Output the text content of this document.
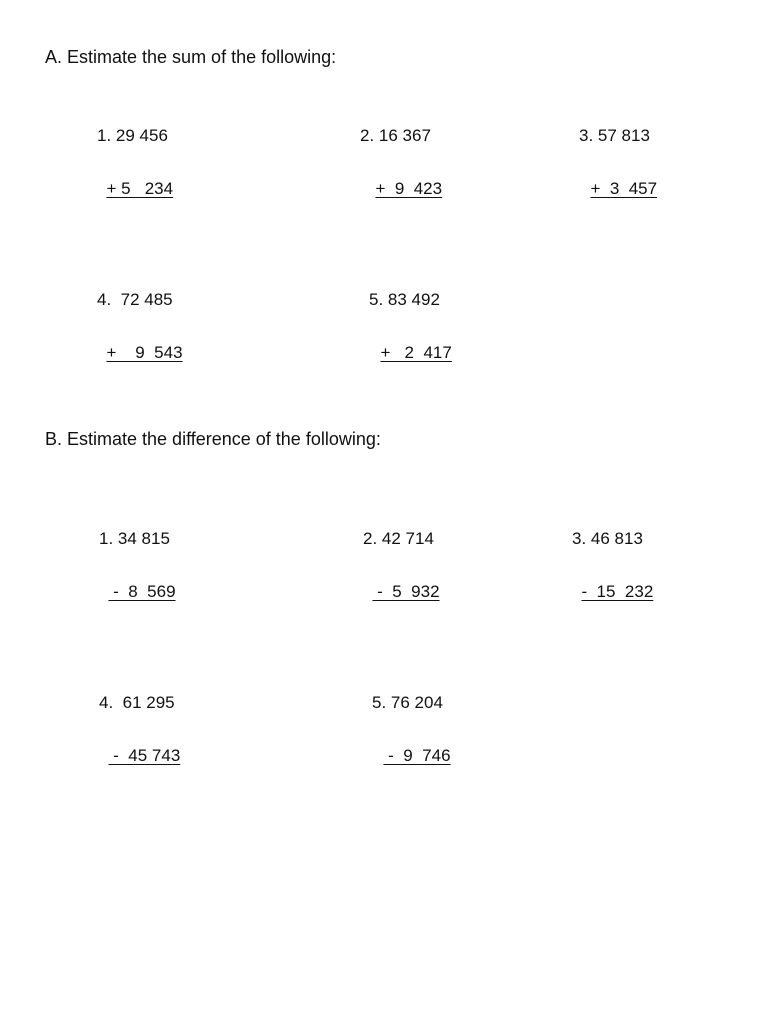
A. Estimate the sum of the following:

1. 29 456

+ 5   234

2. 16 367

+  9  423

3. 57 813

+  3  457

4.  72 485

+    9  543

5. 83 492

+   2  417

B. Estimate the difference of the following:

1. 34 815

-  8  569

2. 42 714

-  5  932

3. 46 813

-  15  232

4.  61 295

-  45 743

5. 76 204

-  9  746
